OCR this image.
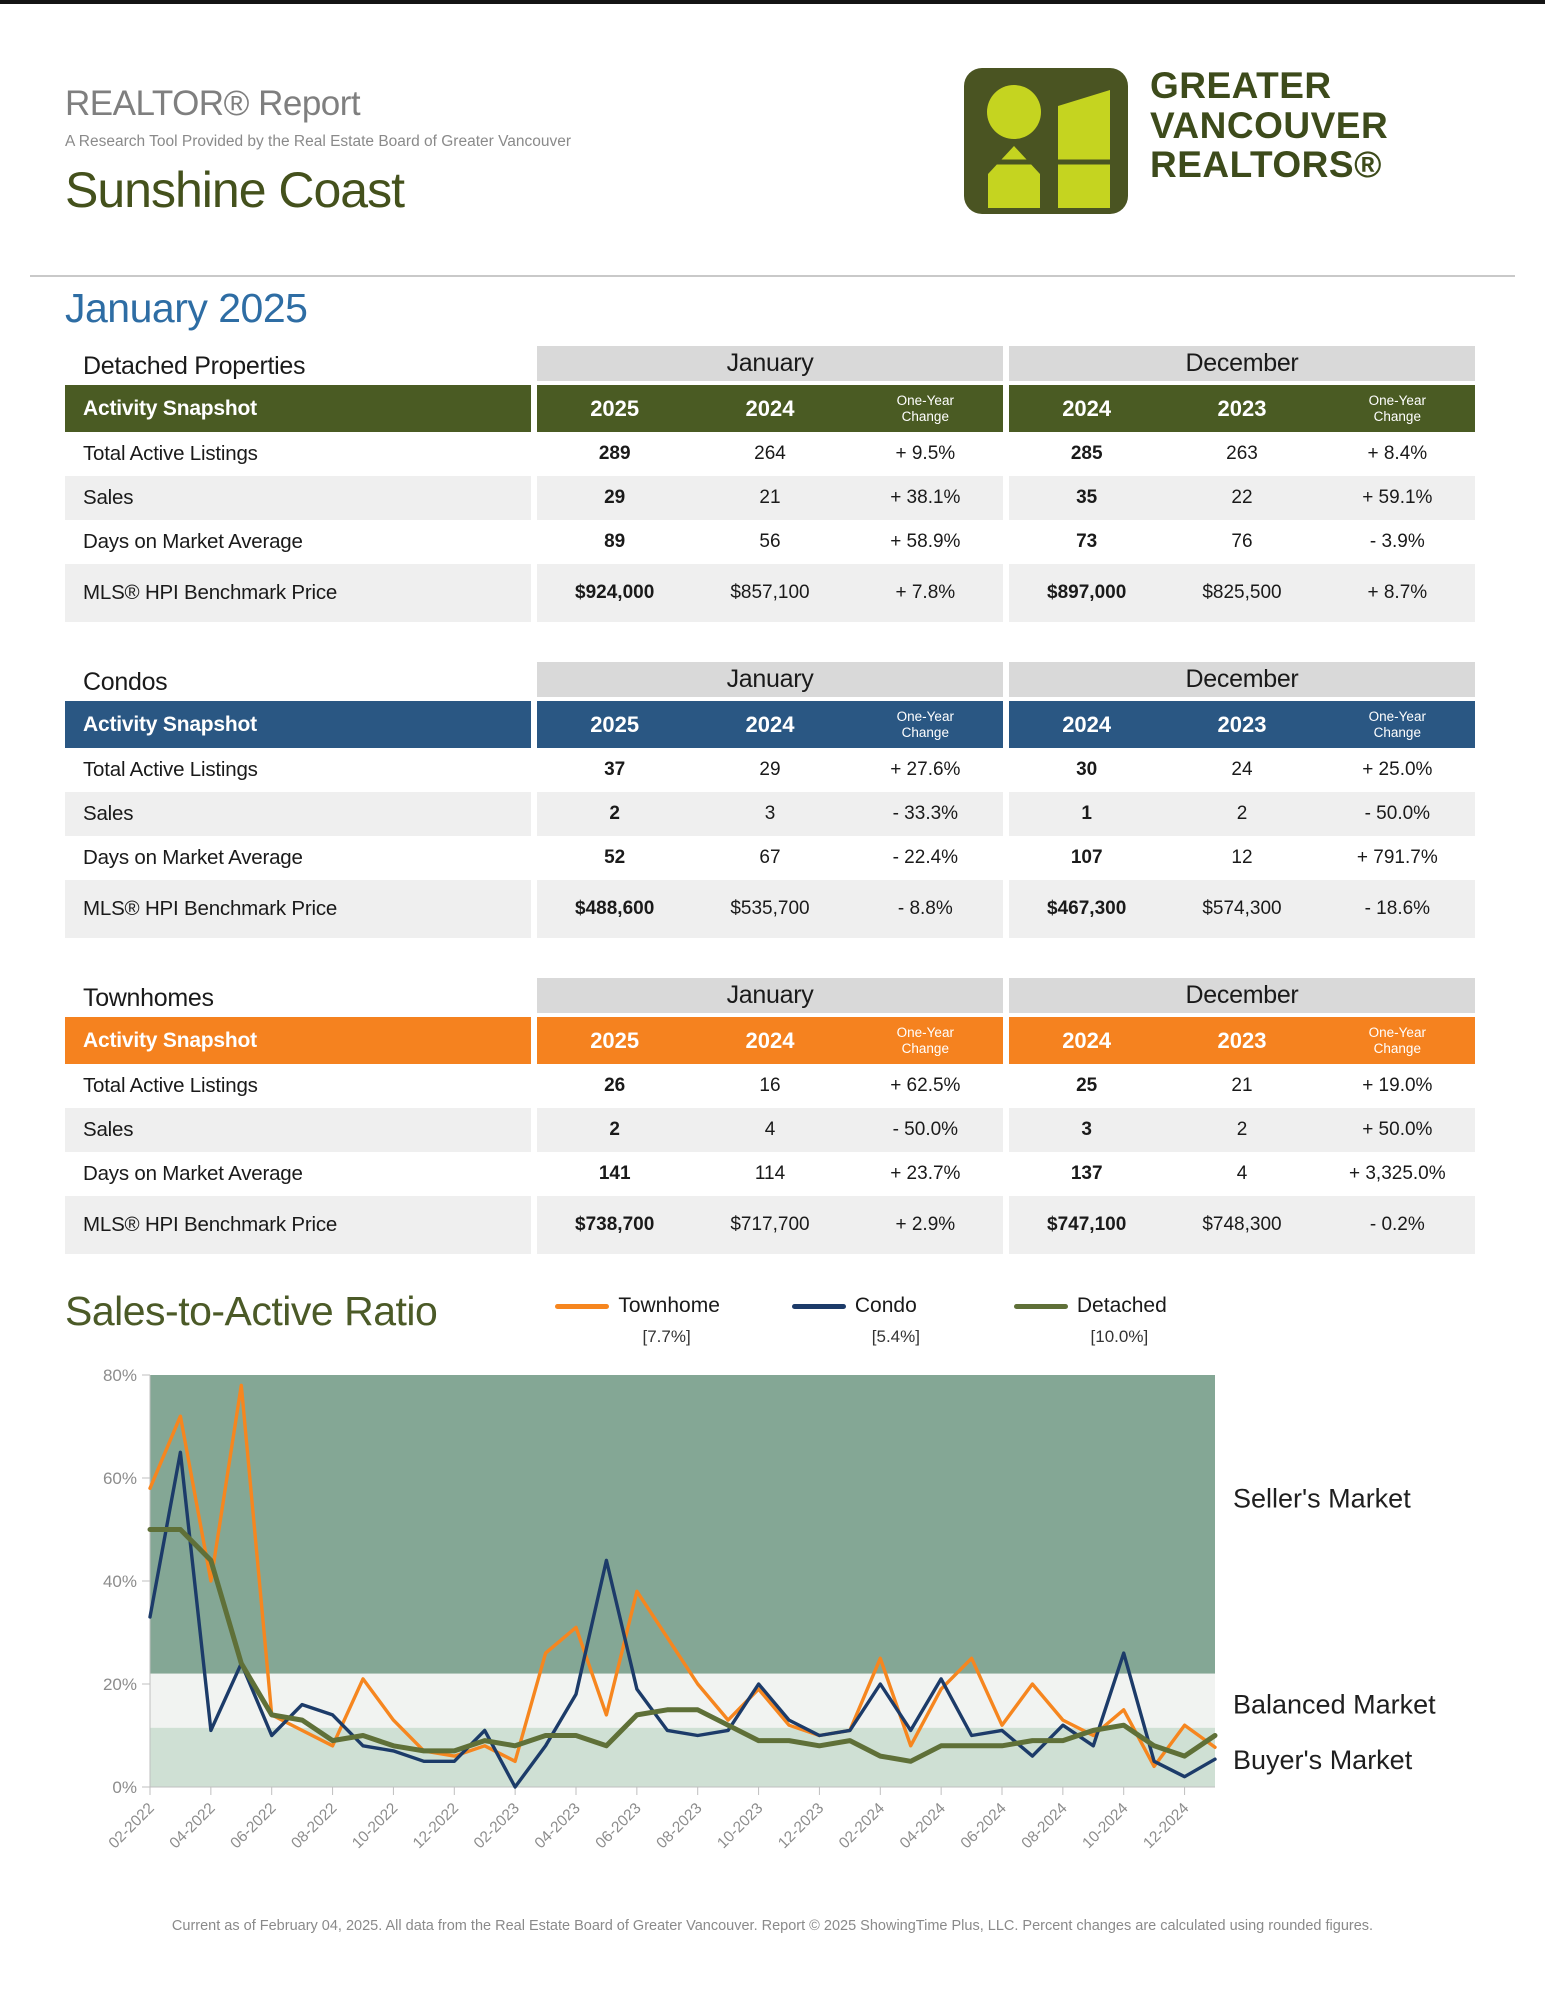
REALTOR® Report
A Research Tool Provided by the Real Estate Board of Greater Vancouver
Sunshine Coast
GREATER
VANCOUVER
REALTORS®
January 2025
Detached Properties	January	December
Activity Snapshot	2025	2024	One-Year Change	2024	2023	One-Year Change
Total Active Listings	289	264	+ 9.5%	285	263	+ 8.4%
Sales	29	21	+ 38.1%	35	22	+ 59.1%
Days on Market Average	89	56	+ 58.9%	73	76	- 3.9%
MLS® HPI Benchmark Price	$924,000	$857,100	+ 7.8%	$897,000	$825,500	+ 8.7%
Condos	January	December
Activity Snapshot	2025	2024	One-Year Change	2024	2023	One-Year Change
Total Active Listings	37	29	+ 27.6%	30	24	+ 25.0%
Sales	2	3	- 33.3%	1	2	- 50.0%
Days on Market Average	52	67	- 22.4%	107	12	+ 791.7%
MLS® HPI Benchmark Price	$488,600	$535,700	- 8.8%	$467,300	$574,300	- 18.6%
Townhomes	January	December
Activity Snapshot	2025	2024	One-Year Change	2024	2023	One-Year Change
Total Active Listings	26	16	+ 62.5%	25	21	+ 19.0%
Sales	2	4	- 50.0%	3	2	+ 50.0%
Days on Market Average	141	114	+ 23.7%	137	4	+ 3,325.0%
MLS® HPI Benchmark Price	$738,700	$717,700	+ 2.9%	$747,100	$748,300	- 0.2%
Sales-to-Active Ratio	Townhome
[7.7%]
Condo
[5.4%]
Detached
[10.0%]
Seller's Market
Balanced Market
Buyer's Market
0%
20%
40%
60%
80%
02-2022 04-2022 06-2022 08-2022 10-2022 12-2022 02-2023 04-2023 06-2023 08-2023 10-2023 12-2023 02-2024 04-2024 06-2024 08-2024 10-2024 12-2024
Current as of February 04, 2025. All data from the Real Estate Board of Greater Vancouver. Report © 2025 ShowingTime Plus, LLC. Percent changes are calculated using rounded figures.
